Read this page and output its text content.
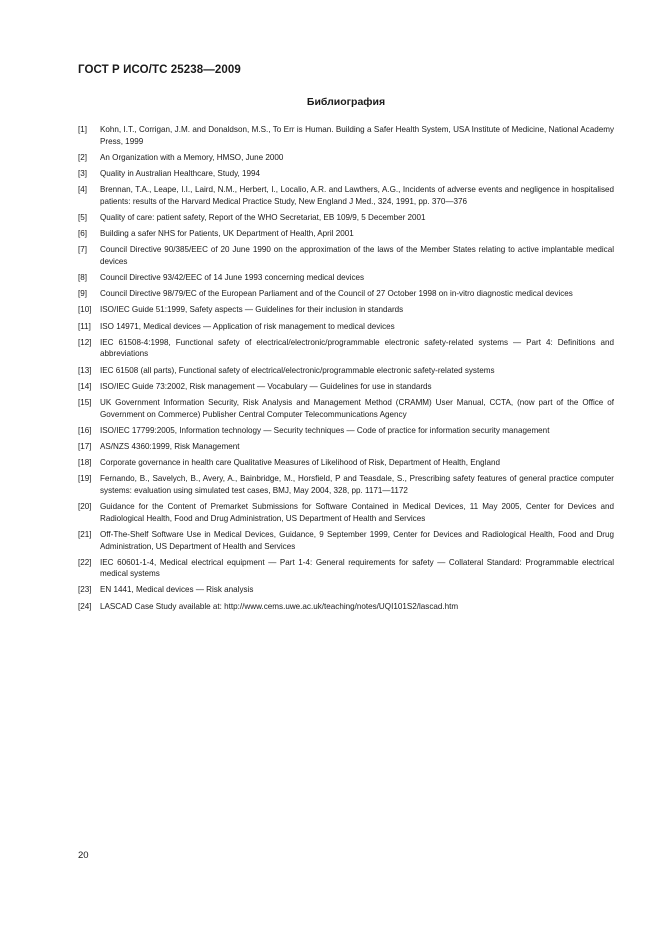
ГОСТ Р ИСО/ТС 25238—2009
Библиография
[1]	Kohn, I.T., Corrigan, J.M. and Donaldson, M.S., To Err is Human. Building a Safer Health System, USA Institute of Medicine, National Academy Press, 1999
[2]	An Organization with a Memory, HMSO, June 2000
[3]	Quality in Australian Healthcare, Study, 1994
[4]	Brennan, T.A., Leape, I.I., Laird, N.M., Herbert, I., Localio, A.R. and Lawthers, A.G., Incidents of adverse events and negligence in hospitalised patients: results of the Harvard Medical Practice Study, New England J Med., 324, 1991, pp. 370—376
[5]	Quality of care: patient safety, Report of the WHO Secretariat, EB 109/9, 5 December 2001
[6]	Building a safer NHS for Patients, UK Department of Health, April 2001
[7]	Council Directive 90/385/EEC of 20 June 1990 on the approximation of the laws of the Member States relating to active implantable medical devices
[8]	Council Directive 93/42/EEC of 14 June 1993 concerning medical devices
[9]	Council Directive 98/79/EC of the European Parliament and of the Council of 27 October 1998 on in-vitro diagnostic medical devices
[10]	ISO/IEC Guide 51:1999, Safety aspects — Guidelines for their inclusion in standards
[11]	ISO 14971, Medical devices — Application of risk management to medical devices
[12]	IEC 61508-4:1998, Functional safety of electrical/electronic/programmable electronic safety-related systems — Part 4: Definitions and abbreviations
[13]	IEC 61508 (all parts), Functional safety of electrical/electronic/programmable electronic safety-related systems
[14]	ISO/IEC Guide 73:2002, Risk management — Vocabulary — Guidelines for use in standards
[15]	UK Government Information Security, Risk Analysis and Management Method (CRAMM) User Manual, CCTA, (now part of the Office of Government on Commerce) Publisher Central Computer Telecommunications Agency
[16]	ISO/IEC 17799:2005, Information technology — Security techniques — Code of practice for information security management
[17]	AS/NZS 4360:1999, Risk Management
[18]	Corporate governance in health care Qualitative Measures of Likelihood of Risk, Department of Health, England
[19]	Fernando, B., Savelych, B., Avery, A., Bainbridge, M., Horsfield, P and Teasdale, S., Prescribing safety features of general practice computer systems: evaluation using simulated test cases, BMJ, May 2004, 328, pp. 1171—1172
[20]	Guidance for the Content of Premarket Submissions for Software Contained in Medical Devices, 11 May 2005, Center for Devices and Radiological Health, Food and Drug Administration, US Department of Health and Services
[21]	Off-The-Shelf Software Use in Medical Devices, Guidance, 9 September 1999, Center for Devices and Radiological Health, Food and Drug Administration, US Department of Health and Services
[22]	IEC 60601-1-4, Medical electrical equipment — Part 1-4: General requirements for safety — Collateral Standard: Programmable electrical medical systems
[23]	EN 1441, Medical devices — Risk analysis
[24]	LASCAD Case Study available at: http://www.cems.uwe.ac.uk/teaching/notes/UQI101S2/lascad.htm
20
